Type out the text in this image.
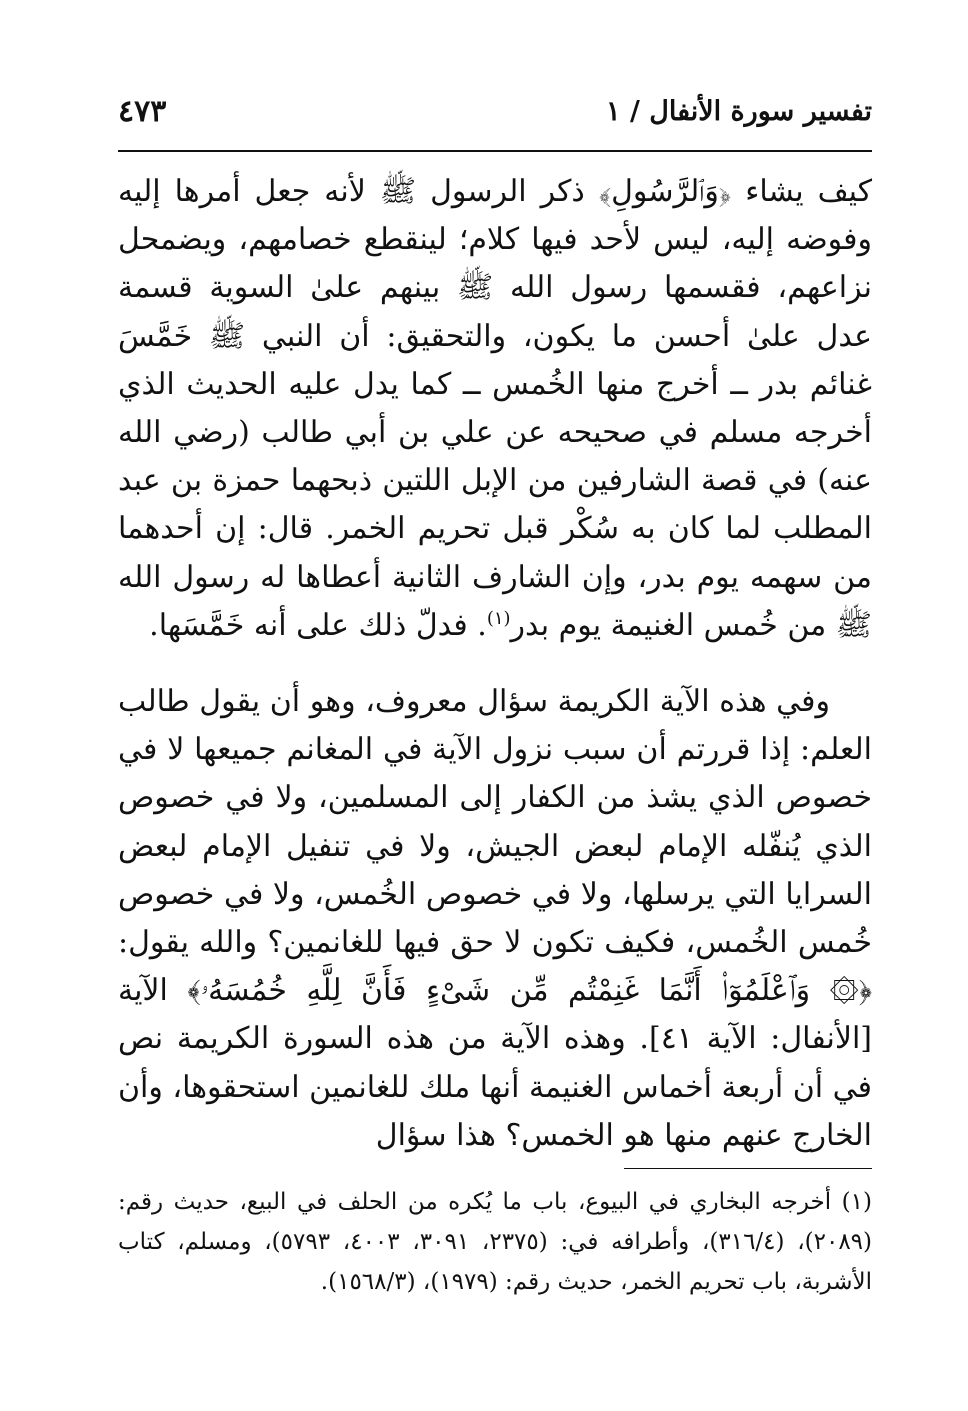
تفسير سورة الأنفال / ١
٤٧٣

كيف يشاء ﴿وَٱلرَّسُولِ﴾ ذكر الرسول ﷺ لأنه جعل أمرها إليه وفوضه إليه، ليس لأحد فيها كلام؛ لينقطع خصامهم، ويضمحل نزاعهم، فقسمها رسول الله ﷺ بينهم علىٰ السوية قسمة عدل علىٰ أحسن ما يكون، والتحقيق: أن النبي ﷺ خَمَّسَ غنائم بدر ــ أخرج منها الخُمس ــ كما يدل عليه الحديث الذي أخرجه مسلم في صحيحه عن علي بن أبي طالب (رضي الله عنه) في قصة الشارفين من الإبل اللتين ذبحهما حمزة بن عبد المطلب لما كان به سُكْر قبل تحريم الخمر. قال: إن أحدهما من سهمه يوم بدر، وإن الشارف الثانية أعطاها له رسول الله ﷺ من خُمس الغنيمة يوم بدر$^{(١)}$. فدلّ ذلك على أنه خَمَّسَها.

وفي هذه الآية الكريمة سؤال معروف، وهو أن يقول طالب العلم: إذا قررتم أن سبب نزول الآية في المغانم جميعها لا في خصوص الذي يشذ من الكفار إلى المسلمين، ولا في خصوص الذي يُنفّله الإمام لبعض الجيش، ولا في تنفيل الإمام لبعض السرايا التي يرسلها، ولا في خصوص الخُمس، ولا في خصوص خُمس الخُمس، فكيف تكون لا حق فيها للغانمين؟ والله يقول: ﴿۞ وَٱعْلَمُوٓا۟ أَنَّمَا غَنِمْتُم مِّن شَىْءٍ فَأَنَّ لِلَّهِ خُمُسَهُۥ﴾ الآية [الأنفال: الآية ٤١]. وهذه الآية من هذه السورة الكريمة نص في أن أربعة أخماس الغنيمة أنها ملك للغانمين استحقوها، وأن الخارج عنهم منها هو الخمس؟ هذا سؤال

(١) أخرجه البخاري في البيوع، باب ما يُكره من الحلف في البيع، حديث رقم: (٢٠٨٩)، (٣١٦/٤)، وأطرافه في: (٢٣٧٥، ٣٠٩١، ٤٠٠٣، ٥٧٩٣)، ومسلم، كتاب الأشربة، باب تحريم الخمر، حديث رقم: (١٩٧٩)، (١٥٦٨/٣).
